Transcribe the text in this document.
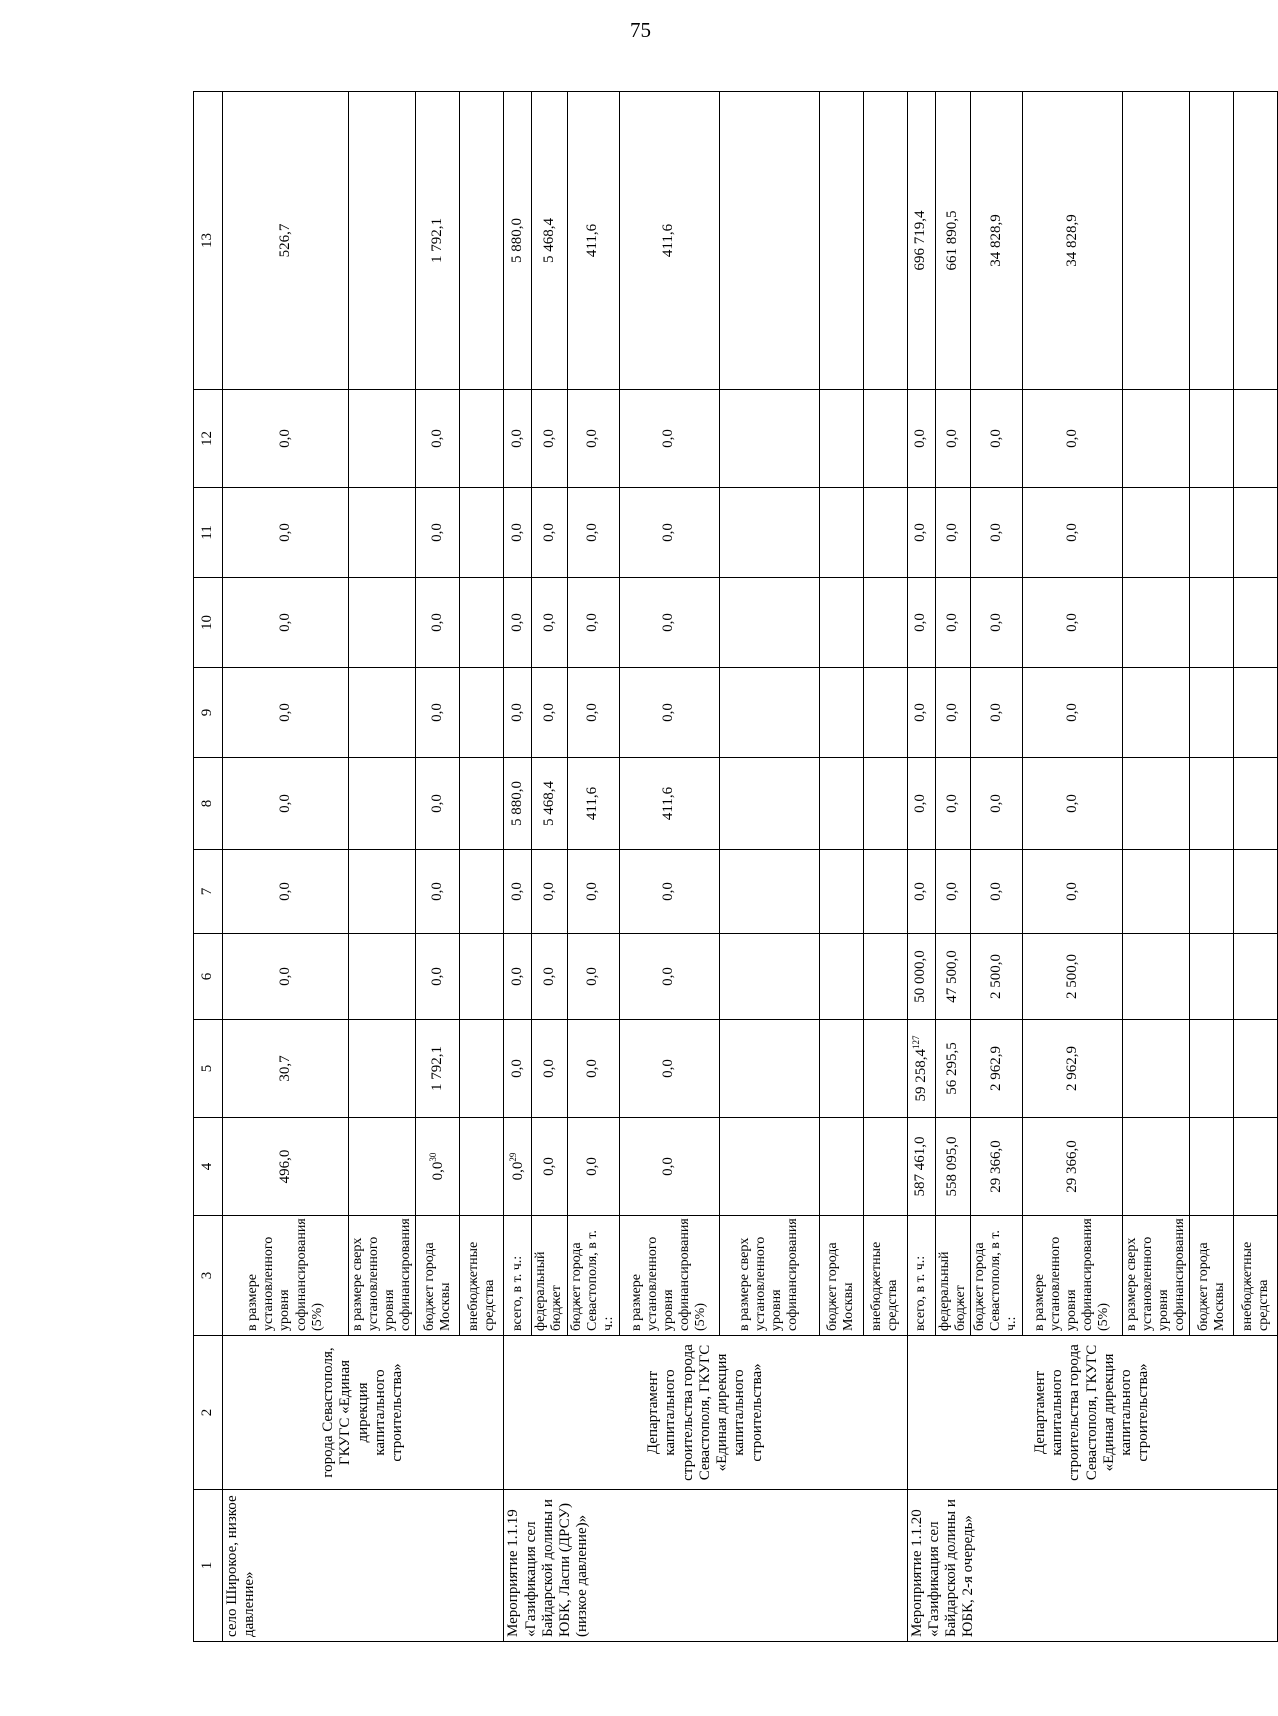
75
1	2	3	4	5	6	7	8	9	10	11	12	13
село Широкое, низкое давление»	города Севастополя, ГКУГС «Единая дирекция капитального строительства»	в размере установленного уровня софинансирования (5%)	496,0	30,7	0,0	0,0	0,0	0,0	0,0	0,0	0,0	526,7
		в размере сверх установленного уровня софинансирования										
		бюджет города Москвы	$0,0^{30}$	1 792,1	0,0	0,0	0,0	0,0	0,0	0,0	0,0	1 792,1
		внебюджетные средства										
Мероприятие 1.1.19 «Газификация сел Байдарской долины и ЮБК, Ласпи (ДРСУ) (низкое давление)»	Департамент капитального строительства города Севастополя, ГКУГС «Единая дирекция капитального строительства»	всего, в т. ч.:	$0,0^{29}$	0,0	0,0	0,0	5 880,0	0,0	0,0	0,0	0,0	5 880,0
		федеральный бюджет	0,0	0,0	0,0	0,0	5 468,4	0,0	0,0	0,0	0,0	5 468,4
		бюджет города Севастополя, в т. ч.:	0,0	0,0	0,0	0,0	411,6	0,0	0,0	0,0	0,0	411,6
		в размере установленного уровня софинансирования (5%)	0,0	0,0	0,0	0,0	411,6	0,0	0,0	0,0	0,0	411,6
		в размере сверх установленного уровня софинансирования										
		бюджет города Москвы										
		внебюджетные средства										
Мероприятие 1.1.20 «Газификация сел Байдарской долины и ЮБК, 2-я очередь»	Департамент капитального строительства города Севастополя, ГКУГС «Единая дирекция капитального строительства»	всего, в т. ч.:	587 461,0	59 258,4$^{127}$	50 000,0	0,0	0,0	0,0	0,0	0,0	0,0	696 719,4
		федеральный бюджет	558 095,0	56 295,5	47 500,0	0,0	0,0	0,0	0,0	0,0	0,0	661 890,5
		бюджет города Севастополя, в т. ч.:	29 366,0	2 962,9	2 500,0	0,0	0,0	0,0	0,0	0,0	0,0	34 828,9
		в размере установленного уровня софинансирования (5%)	29 366,0	2 962,9	2 500,0	0,0	0,0	0,0	0,0	0,0	0,0	34 828,9
		в размере сверх установленного уровня софинансирования										
		бюджет города Москвы										
		внебюджетные средства										
